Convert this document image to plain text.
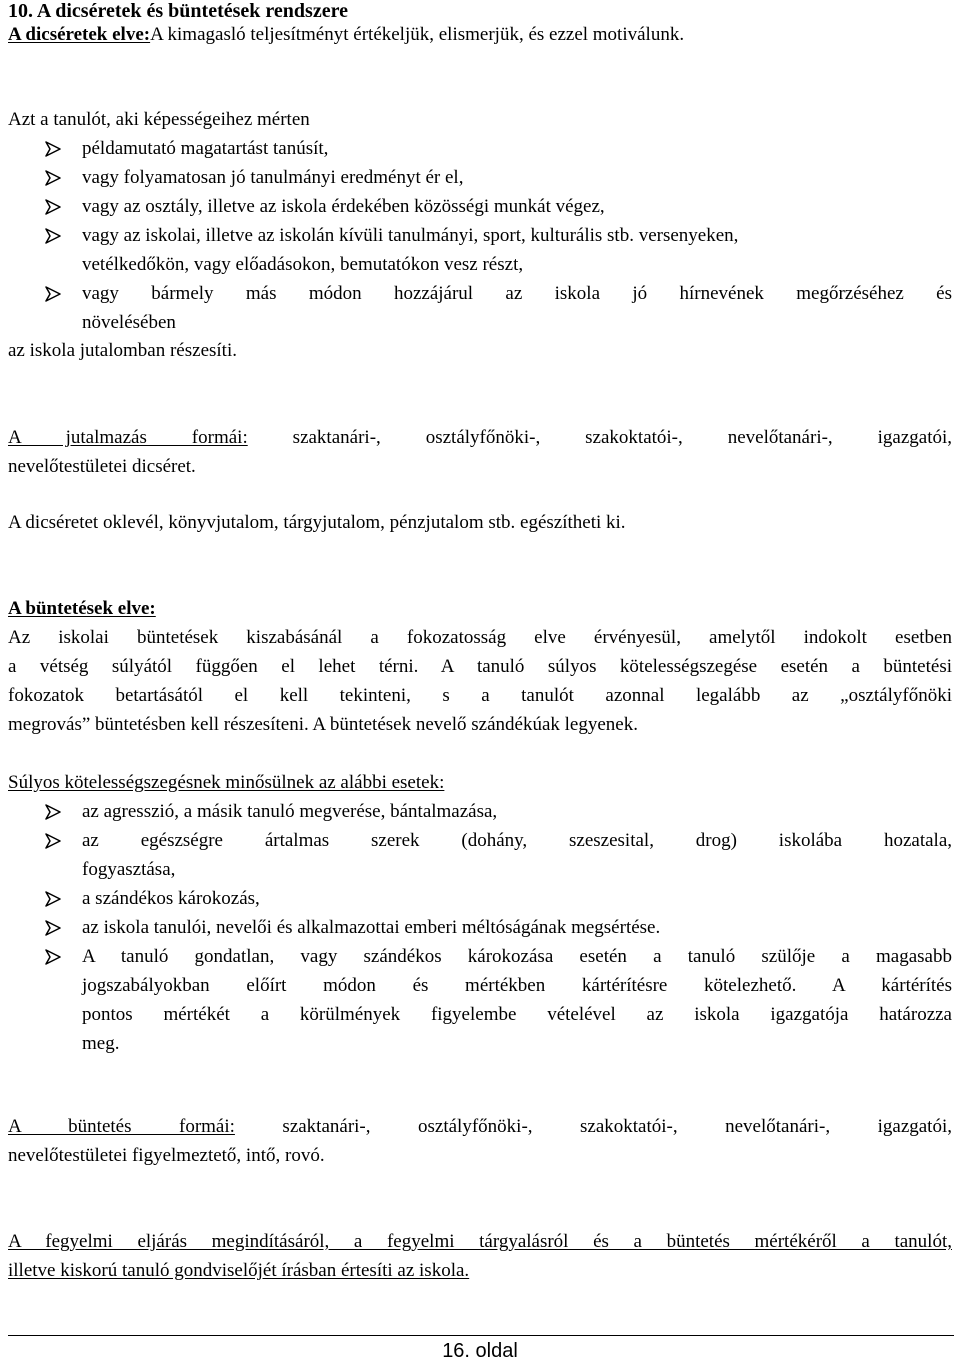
10. A dicséretek és büntetések rendszere
A dicséretek elve:A kimagasló teljesítményt értékeljük, elismerjük, és ezzel motiválunk.
Azt a tanulót, aki képességeihez mérten
példamutató magatartást tanúsít,
vagy folyamatosan jó tanulmányi eredményt ér el,
vagy az osztály, illetve az iskola érdekében közösségi munkát végez,
vagy az iskolai, illetve az iskolán kívüli tanulmányi, sport, kulturális stb. versenyeken,
vetélkedőkön, vagy előadásokon, bemutatókon vesz részt,
vagy bármely más módon hozzájárul az iskola jó hírnevének megőrzéséhez és
növelésében
az iskola jutalomban részesíti.
A jutalmazás formái: szaktanári-, osztályfőnöki-, szakoktatói-, nevelőtanári-, igazgatói,
nevelőtestületei dicséret.
A dicséretet oklevél, könyvjutalom, tárgyjutalom, pénzjutalom stb. egészítheti ki.
A büntetések elve:
Az iskolai büntetések kiszabásánál a fokozatosság elve érvényesül, amelytől indokolt esetben
a vétség súlyától függően el lehet térni. A tanuló súlyos kötelességszegése esetén a büntetési
fokozatok betartásától el kell tekinteni, s a tanulót azonnal legalább az „osztályfőnöki
megrovás” büntetésben kell részesíteni. A büntetések nevelő szándékúak legyenek.
Súlyos kötelességszegésnek minősülnek az alábbi esetek:
az agresszió, a másik tanuló megverése, bántalmazása,
az egészségre ártalmas szerek (dohány, szeszesital, drog) iskolába hozatala,
fogyasztása,
a szándékos károkozás,
az iskola tanulói, nevelői és alkalmazottai emberi méltóságának megsértése.
A tanuló gondatlan, vagy szándékos károkozása esetén a tanuló szülője a magasabb
jogszabályokban előírt módon és mértékben kártérítésre kötelezhető. A kártérítés
pontos mértékét a körülmények figyelembe vételével az iskola igazgatója határozza
meg.
A büntetés formái: szaktanári-, osztályfőnöki-, szakoktatói-, nevelőtanári-, igazgatói,
nevelőtestületei figyelmeztető, intő, rovó.
A fegyelmi eljárás megindításáról, a fegyelmi tárgyalásról és a büntetés mértékéről a tanulót,
illetve kiskorú tanuló gondviselőjét írásban értesíti az iskola.
16. oldal
